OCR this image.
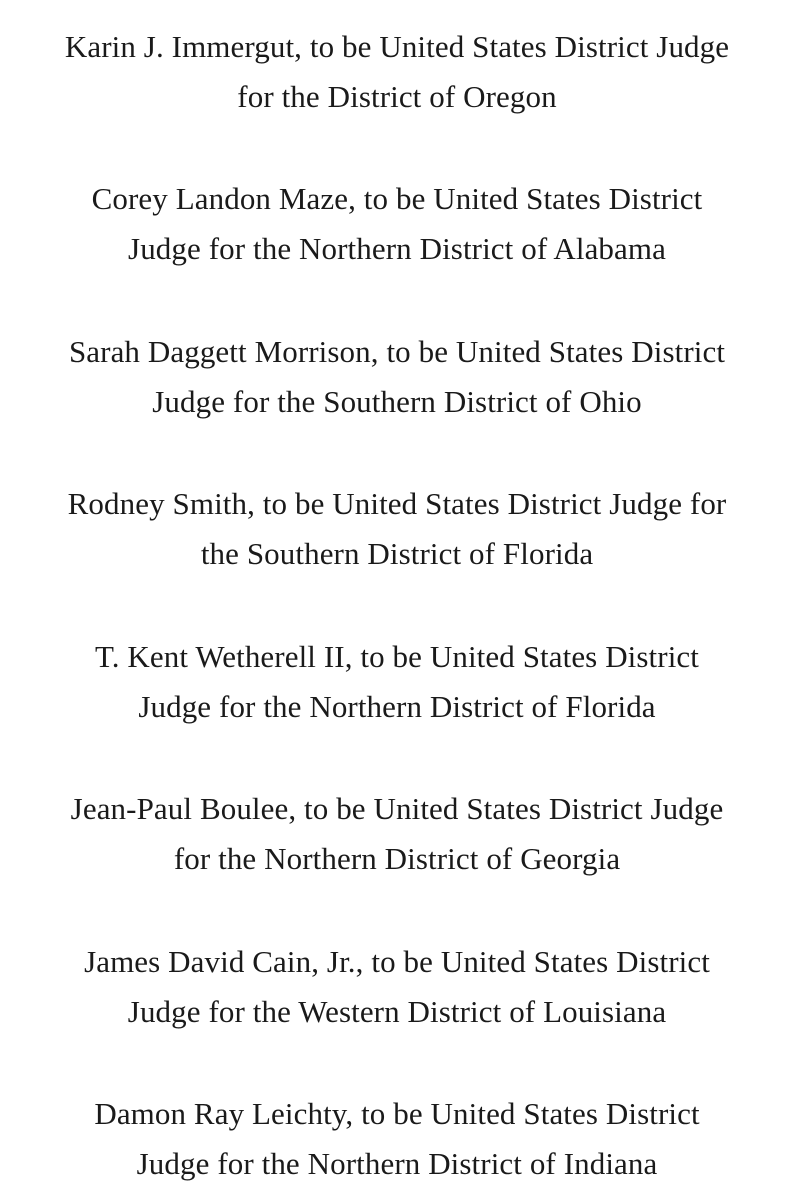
Karin J. Immergut, to be United States District Judge
for the District of Oregon
Corey Landon Maze, to be United States District
Judge for the Northern District of Alabama
Sarah Daggett Morrison, to be United States District
Judge for the Southern District of Ohio
Rodney Smith, to be United States District Judge for
the Southern District of Florida
T. Kent Wetherell II, to be United States District
Judge for the Northern District of Florida
Jean-Paul Boulee, to be United States District Judge
for the Northern District of Georgia
James David Cain, Jr., to be United States District
Judge for the Western District of Louisiana
Damon Ray Leichty, to be United States District
Judge for the Northern District of Indiana
